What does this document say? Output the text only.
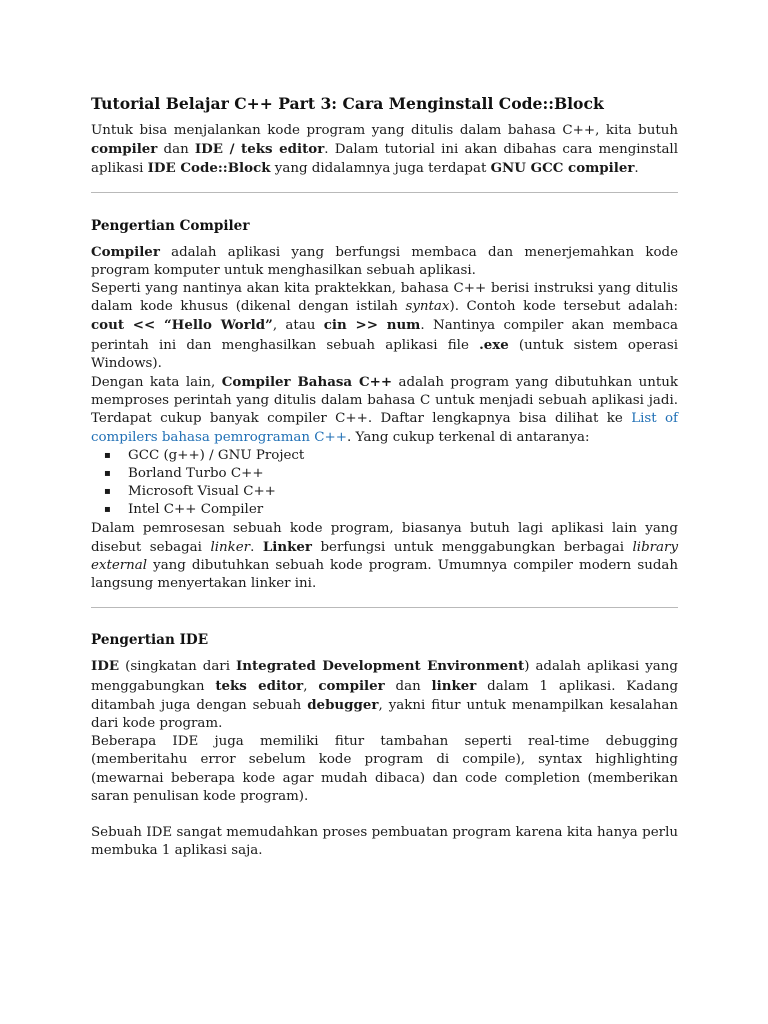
Tutorial Belajar C++ Part 3: Cara Menginstall Code::Block

Untuk bisa menjalankan kode program yang ditulis dalam bahasa C++, kita butuh compiler dan IDE / teks editor. Dalam tutorial ini akan dibahas cara menginstall aplikasi IDE Code::Block yang didalamnya juga terdapat GNU GCC compiler.

Pengertian Compiler

Compiler adalah aplikasi yang berfungsi membaca dan menerjemahkan kode program komputer untuk menghasilkan sebuah aplikasi.

Seperti yang nantinya akan kita praktekkan, bahasa C++ berisi instruksi yang ditulis dalam kode khusus (dikenal dengan istilah syntax). Contoh kode tersebut adalah: cout << “Hello World”, atau cin >> num. Nantinya compiler akan membaca perintah ini dan menghasilkan sebuah aplikasi file .exe (untuk sistem operasi Windows).

Dengan kata lain, Compiler Bahasa C++ adalah program yang dibutuhkan untuk memproses perintah yang ditulis dalam bahasa C untuk menjadi sebuah aplikasi jadi. Terdapat cukup banyak compiler C++. Daftar lengkapnya bisa dilihat ke List of compilers bahasa pemrograman C++. Yang cukup terkenal di antaranya:

▪ GCC (g++) / GNU Project
▪ Borland Turbo C++
▪ Microsoft Visual C++
▪ Intel C++ Compiler

Dalam pemrosesan sebuah kode program, biasanya butuh lagi aplikasi lain yang disebut sebagai linker. Linker berfungsi untuk menggabungkan berbagai library external yang dibutuhkan sebuah kode program. Umumnya compiler modern sudah langsung menyertakan linker ini.

Pengertian IDE

IDE (singkatan dari Integrated Development Environment) adalah aplikasi yang menggabungkan teks editor, compiler dan linker dalam 1 aplikasi. Kadang ditambah juga dengan sebuah debugger, yakni fitur untuk menampilkan kesalahan dari kode program.

Beberapa IDE juga memiliki fitur tambahan seperti real-time debugging (memberitahu error sebelum kode program di compile), syntax highlighting (mewarnai beberapa kode agar mudah dibaca) dan code completion (memberikan saran penulisan kode program).

Sebuah IDE sangat memudahkan proses pembuatan program karena kita hanya perlu membuka 1 aplikasi saja.
